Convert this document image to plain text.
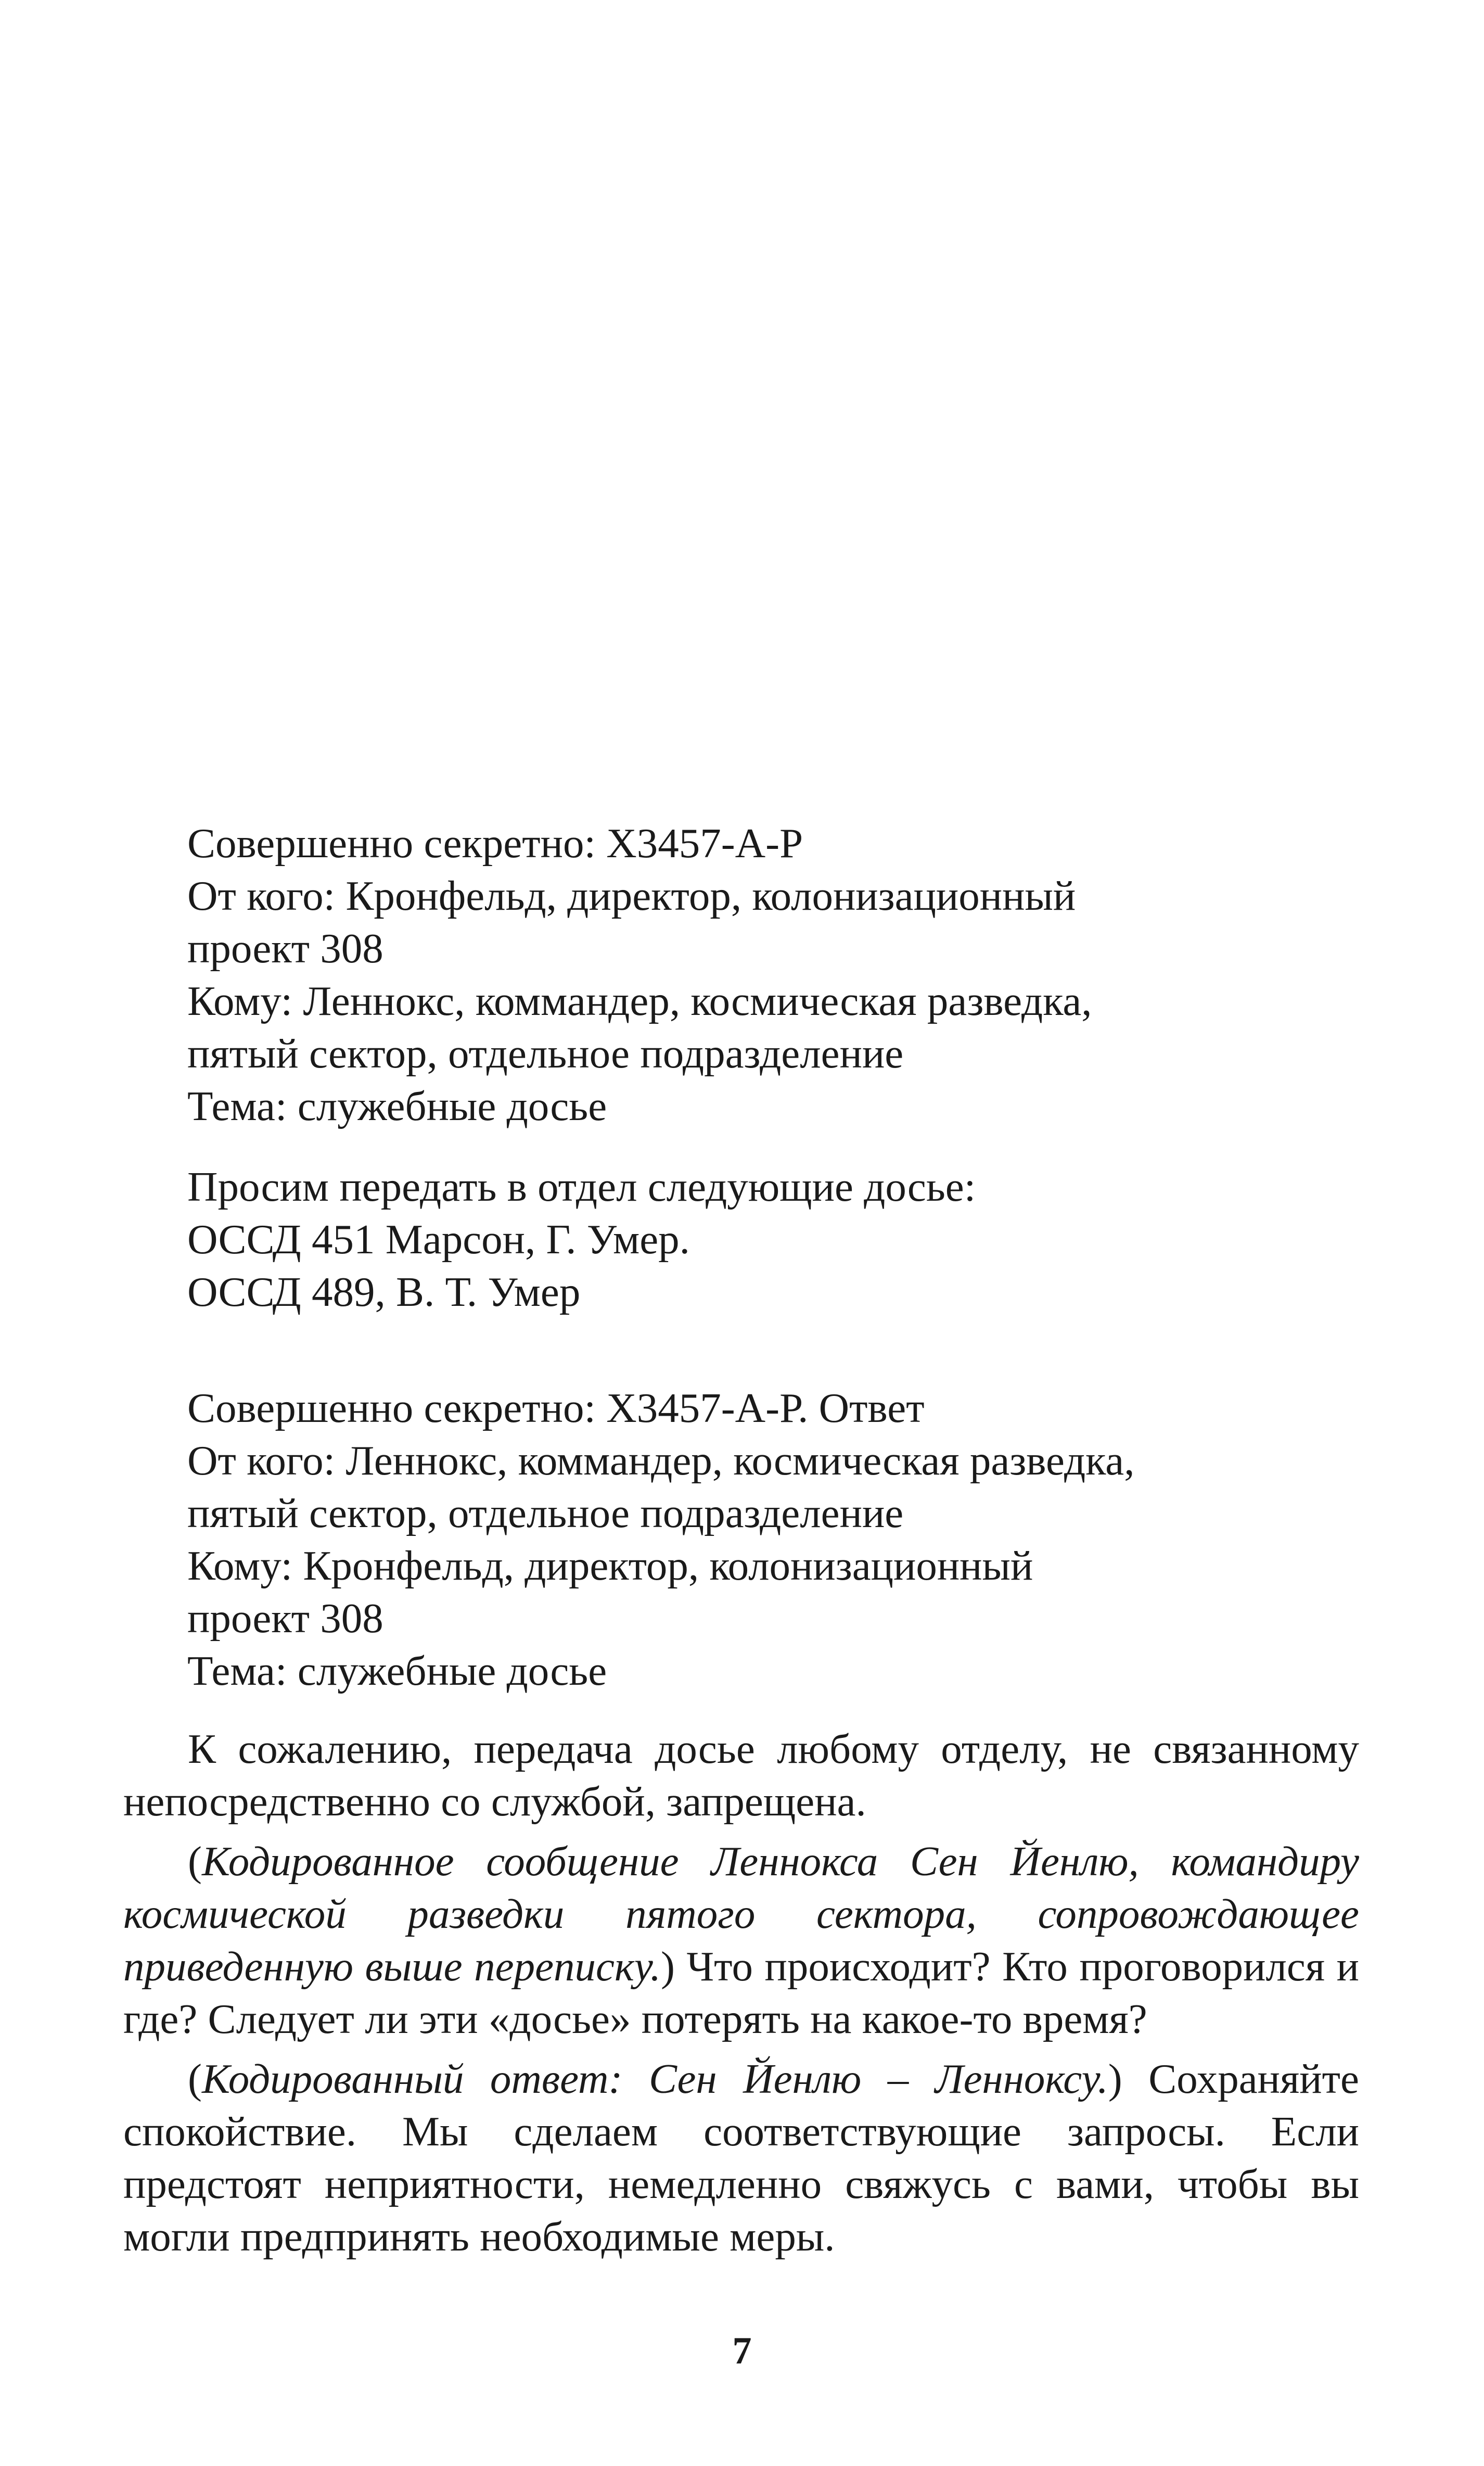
Совершенно секретно: Х3457-А-Р
От кого: Кронфельд, директор, колонизационный
проект 308
Кому: Леннокс, коммандер, космическая разведка,
пятый сектор, отдельное подразделение
Тема: служебные досье
Просим передать в отдел следующие досье:
ОССД 451 Марсон, Г. Умер.
ОССД 489, В. Т. Умер
Совершенно секретно: Х3457-А-Р. Ответ
От кого: Леннокс, коммандер, космическая разведка,
пятый сектор, отдельное подразделение
Кому: Кронфельд, директор, колонизационный
проект 308
Тема: служебные досье

К сожалению, передача досье любому отделу, не связанному непосредственно со службой, запрещена.

(Кодированное сообщение Леннокса Сен Йенлю, командиру космической разведки пятого сектора, сопровождающее приведенную выше переписку.) Что происходит? Кто проговорился и где? Следует ли эти «досье» потерять на какое-то время?

(Кодированный ответ: Сен Йенлю – Ленноксу.) Сохраняйте спокойствие. Мы сделаем соответствующие запросы. Если предстоят неприятности, немедленно свяжусь с вами, чтобы вы могли предпринять необходимые меры.

7
